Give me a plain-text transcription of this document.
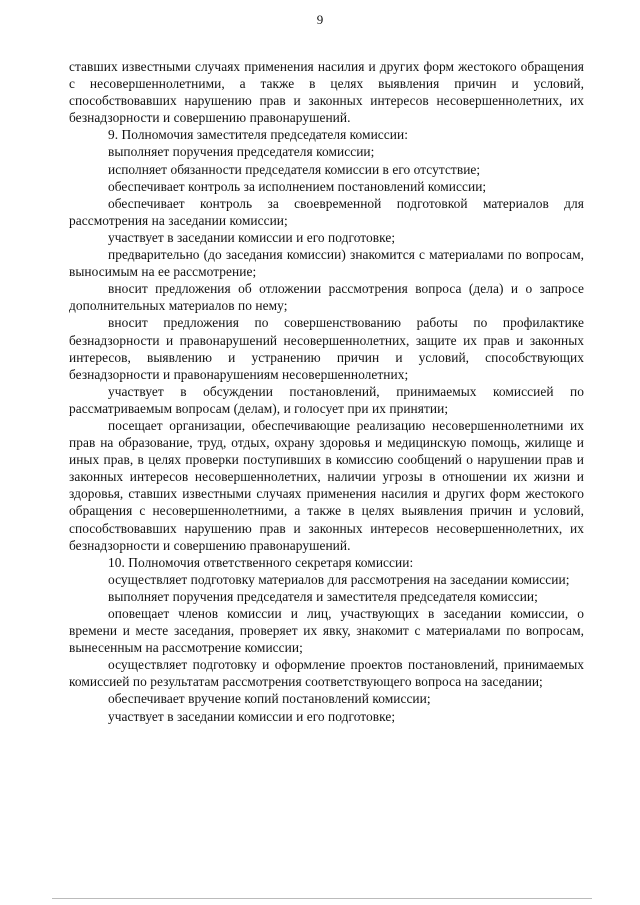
9

ставших известными случаях применения насилия и других форм жестокого обращения с несовершеннолетними, а также в целях выявления причин и условий, способствовавших нарушению прав и законных интересов несовершеннолетних, их безнадзорности и совершению правонарушений.

9. Полномочия заместителя председателя комиссии:

выполняет поручения председателя комиссии;

исполняет обязанности председателя комиссии в его отсутствие;

обеспечивает контроль за исполнением постановлений комиссии;

обеспечивает контроль за своевременной подготовкой материалов для рассмотрения на заседании комиссии;

участвует в заседании комиссии и его подготовке;

предварительно (до заседания комиссии) знакомится с материалами по вопросам, выносимым на ее рассмотрение;

вносит предложения об отложении рассмотрения вопроса (дела) и о запросе дополнительных материалов по нему;

вносит предложения по совершенствованию работы по профилактике безнадзорности и правонарушений несовершеннолетних, защите их прав и законных интересов, выявлению и устранению причин и условий, способствующих безнадзорности и правонарушениям несовершеннолетних;

участвует в обсуждении постановлений, принимаемых комиссией по рассматриваемым вопросам (делам), и голосует при их принятии;

посещает организации, обеспечивающие реализацию несовершеннолетними их прав на образование, труд, отдых, охрану здоровья и медицинскую помощь, жилище и иных прав, в целях проверки поступивших в комиссию сообщений о нарушении прав и законных интересов несовершеннолетних, наличии угрозы в отношении их жизни и здоровья, ставших известными случаях применения насилия и других форм жестокого обращения с несовершеннолетними, а также в целях выявления причин и условий, способствовавших нарушению прав и законных интересов несовершеннолетних, их безнадзорности и совершению правонарушений.

10. Полномочия ответственного секретаря комиссии:

осуществляет подготовку материалов для рассмотрения на заседании комиссии;

выполняет поручения председателя и заместителя председателя комиссии;

оповещает членов комиссии и лиц, участвующих в заседании комиссии, о времени и месте заседания, проверяет их явку, знакомит с материалами по вопросам, вынесенным на рассмотрение комиссии;

осуществляет подготовку и оформление проектов постановлений, принимаемых комиссией по результатам рассмотрения соответствующего вопроса на заседании;

обеспечивает вручение копий постановлений комиссии;

участвует в заседании комиссии и его подготовке;
